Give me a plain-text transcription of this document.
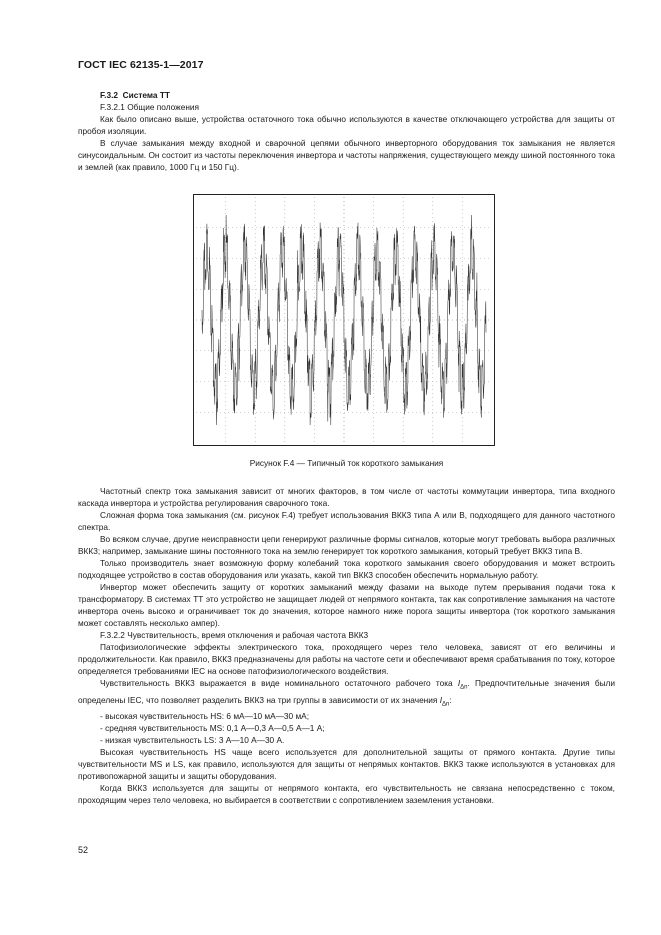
ГОСТ IEC 62135-1—2017

F.3.2 Система ТТ

F.3.2.1 Общие положения

Как было описано выше, устройства остаточного тока обычно используются в качестве отключающего устройства для защиты от пробоя изоляции.

В случае замыкания между входной и сварочной цепями обычного инверторного оборудования ток замыкания не является синусоидальным. Он состоит из частоты переключения инвертора и частоты напряжения, существующего между шиной постоянного тока и землей (как правило, 1000 Гц и 150 Гц).

Рисунок F.4 — Типичный ток короткого замыкания

Частотный спектр тока замыкания зависит от многих факторов, в том числе от частоты коммутации инвертора, типа входного каскада инвертора и устройства регулирования сварочного тока.

Сложная форма тока замыкания (см. рисунок F.4) требует использования ВКК3 типа А или В, подходящего для данного частотного спектра.

Во всяком случае, другие неисправности цепи генерируют различные формы сигналов, которые могут требовать выбора различных ВКК3; например, замыкание шины постоянного тока на землю генерирует ток короткого замыкания, который требует ВКК3 типа В.

Только производитель знает возможную форму колебаний тока короткого замыкания своего оборудования и может встроить подходящее устройство в состав оборудования или указать, какой тип ВКК3 способен обеспечить нормальную работу.

Инвертор может обеспечить защиту от коротких замыканий между фазами на выходе путем прерывания подачи тока к трансформатору. В системах ТТ это устройство не защищает людей от непрямого контакта, так как сопротивление замыкания на частоте инвертора очень высоко и ограничивает ток до значения, которое намного ниже порога защиты инвертора (ток короткого замыкания может составлять несколько ампер).

F.3.2.2 Чувствительность, время отключения и рабочая частота ВКК3

Патофизиологические эффекты электрического тока, проходящего через тело человека, зависят от его величины и продолжительности. Как правило, ВКК3 предназначены для работы на частоте сети и обеспечивают время срабатывания по току, которое определяется требованиями IEC на основе патофизиологического воздействия.

Чувствительность ВКК3 выражается в виде номинального остаточного рабочего тока $I_{\Delta n}$. Предпочтительные значения были определены IEC, что позволяет разделить ВКК3 на три группы в зависимости от их значения $I_{\Delta n}$:

- высокая чувствительность HS: 6 мА—10 мА—30 мА;

- средняя чувствительность MS: 0,1 А—0,3 А—0,5 А—1 А;

- низкая чувствительность LS: 3 А—10 А—30 А.

Высокая чувствительность HS чаще всего используется для дополнительной защиты от прямого контакта. Другие типы чувствительности MS и LS, как правило, используются для защиты от непрямых контактов. ВКК3 также используются в установках для противопожарной защиты и защиты оборудования.

Когда ВКК3 используется для защиты от непрямого контакта, его чувствительность не связана непосредственно с током, проходящим через тело человека, но выбирается в соответствии с сопротивлением заземления установки.

52
